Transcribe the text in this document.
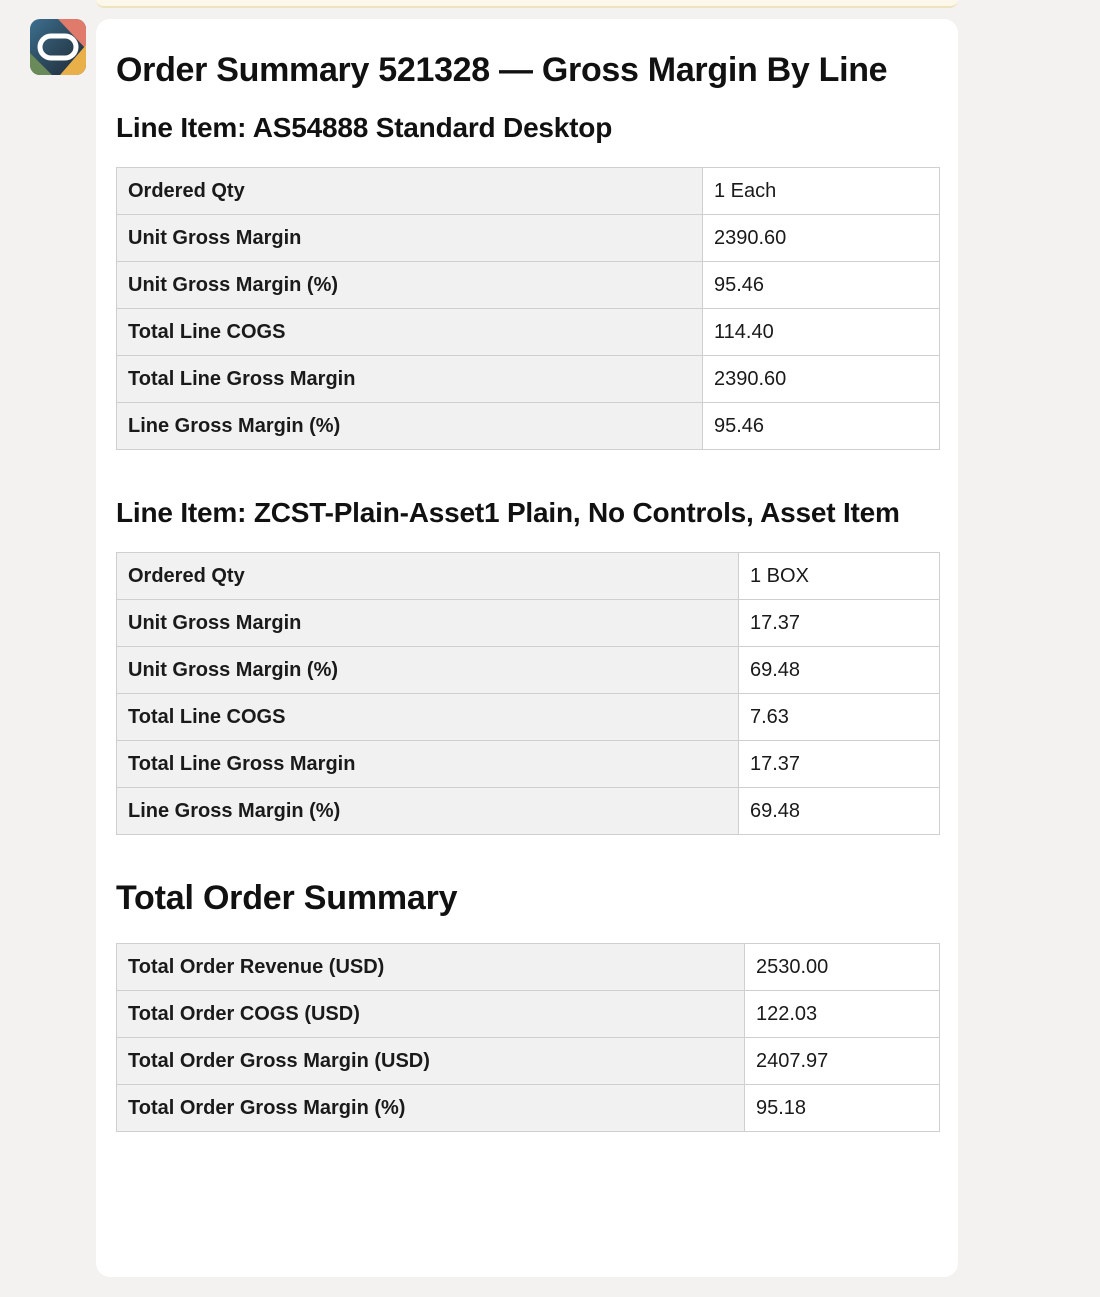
Order Summary 521328 — Gross Margin By Line
Line Item: AS54888 Standard Desktop
Ordered Qty	1 Each
Unit Gross Margin	2390.60
Unit Gross Margin (%)	95.46
Total Line COGS	114.40
Total Line Gross Margin	2390.60
Line Gross Margin (%)	95.46
Line Item: ZCST-Plain-Asset1 Plain, No Controls, Asset Item
Ordered Qty	1 BOX
Unit Gross Margin	17.37
Unit Gross Margin (%)	69.48
Total Line COGS	7.63
Total Line Gross Margin	17.37
Line Gross Margin (%)	69.48
Total Order Summary
Total Order Revenue (USD)	2530.00
Total Order COGS (USD)	122.03
Total Order Gross Margin (USD)	2407.97
Total Order Gross Margin (%)	95.18
